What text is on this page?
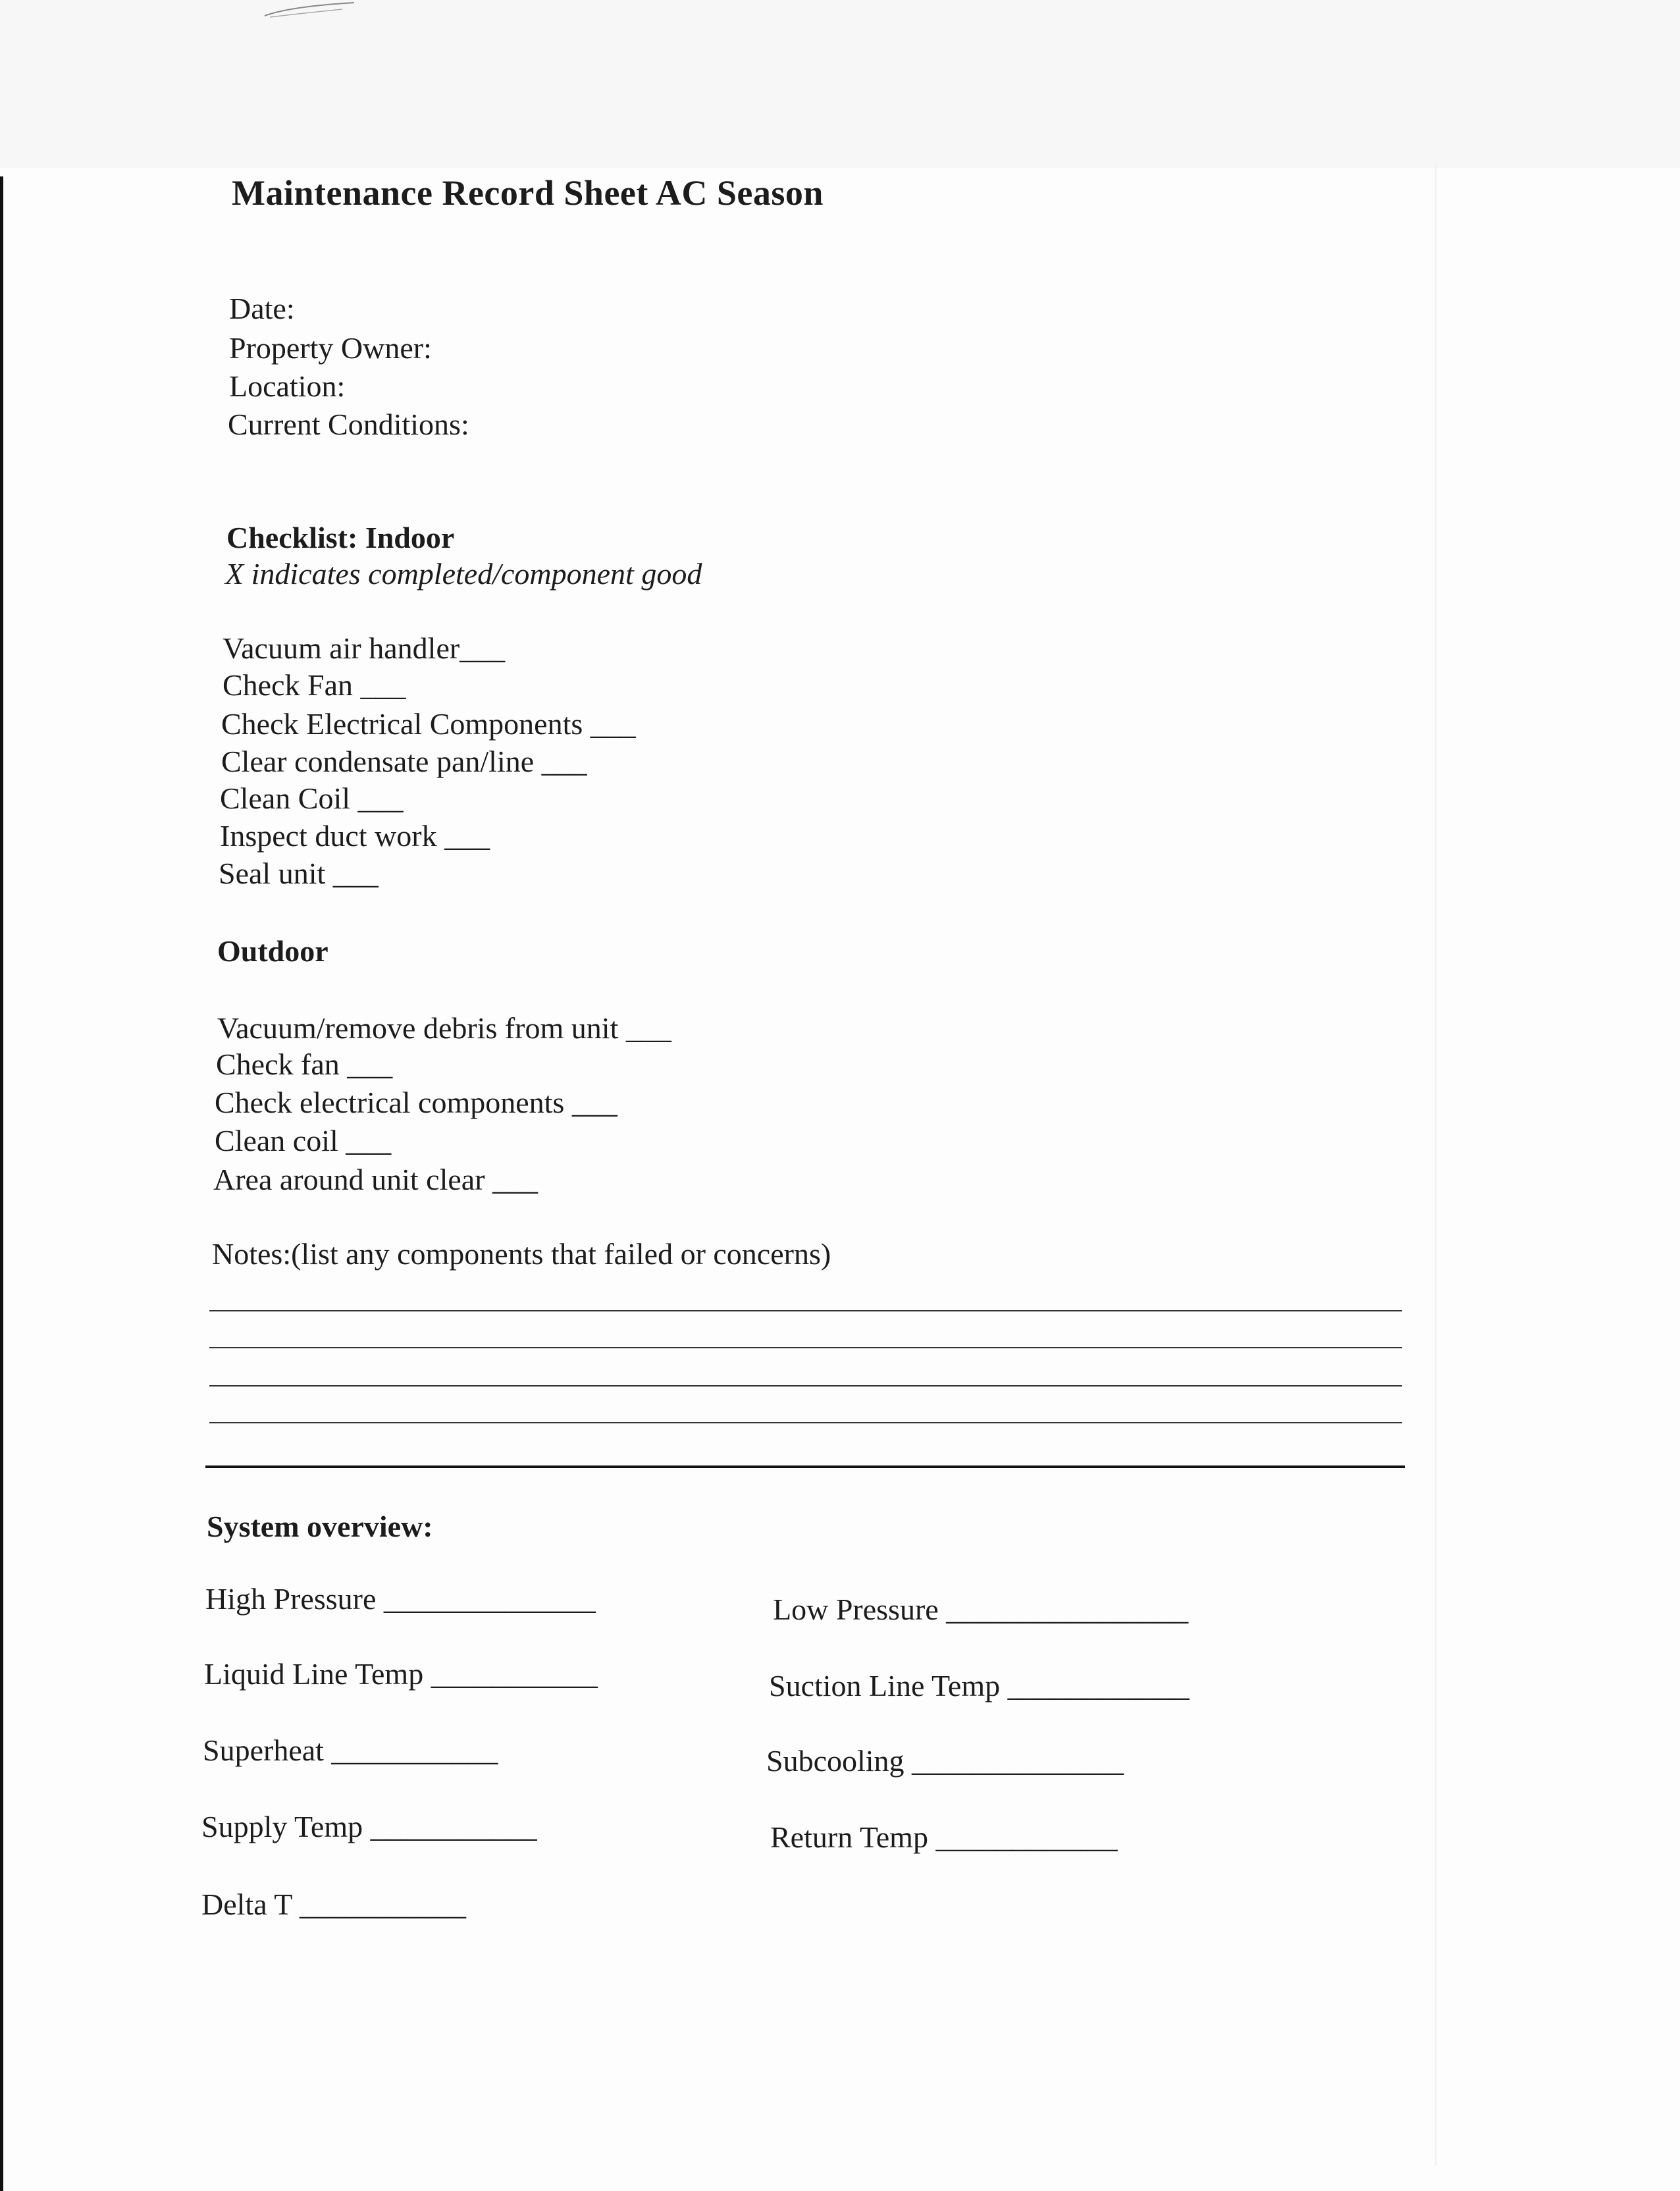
Maintenance Record Sheet AC Season
Date:
Property Owner:
Location:
Current Conditions:
Checklist: Indoor
X indicates completed/component good
Vacuum air handler___
Check Fan ___
Check Electrical Components ___
Clear condensate pan/line ___
Clean Coil ___
Inspect duct work ___
Seal unit ___
Outdoor
Vacuum/remove debris from unit ___
Check fan ___
Check electrical components ___
Clean coil ___
Area around unit clear ___
Notes:(list any components that failed or concerns)
System overview:
High Pressure ______________	Low Pressure ________________
Liquid Line Temp ___________	Suction Line Temp ____________
Superheat ___________	Subcooling ______________
Supply Temp ___________	Return Temp ____________
Delta T ___________
